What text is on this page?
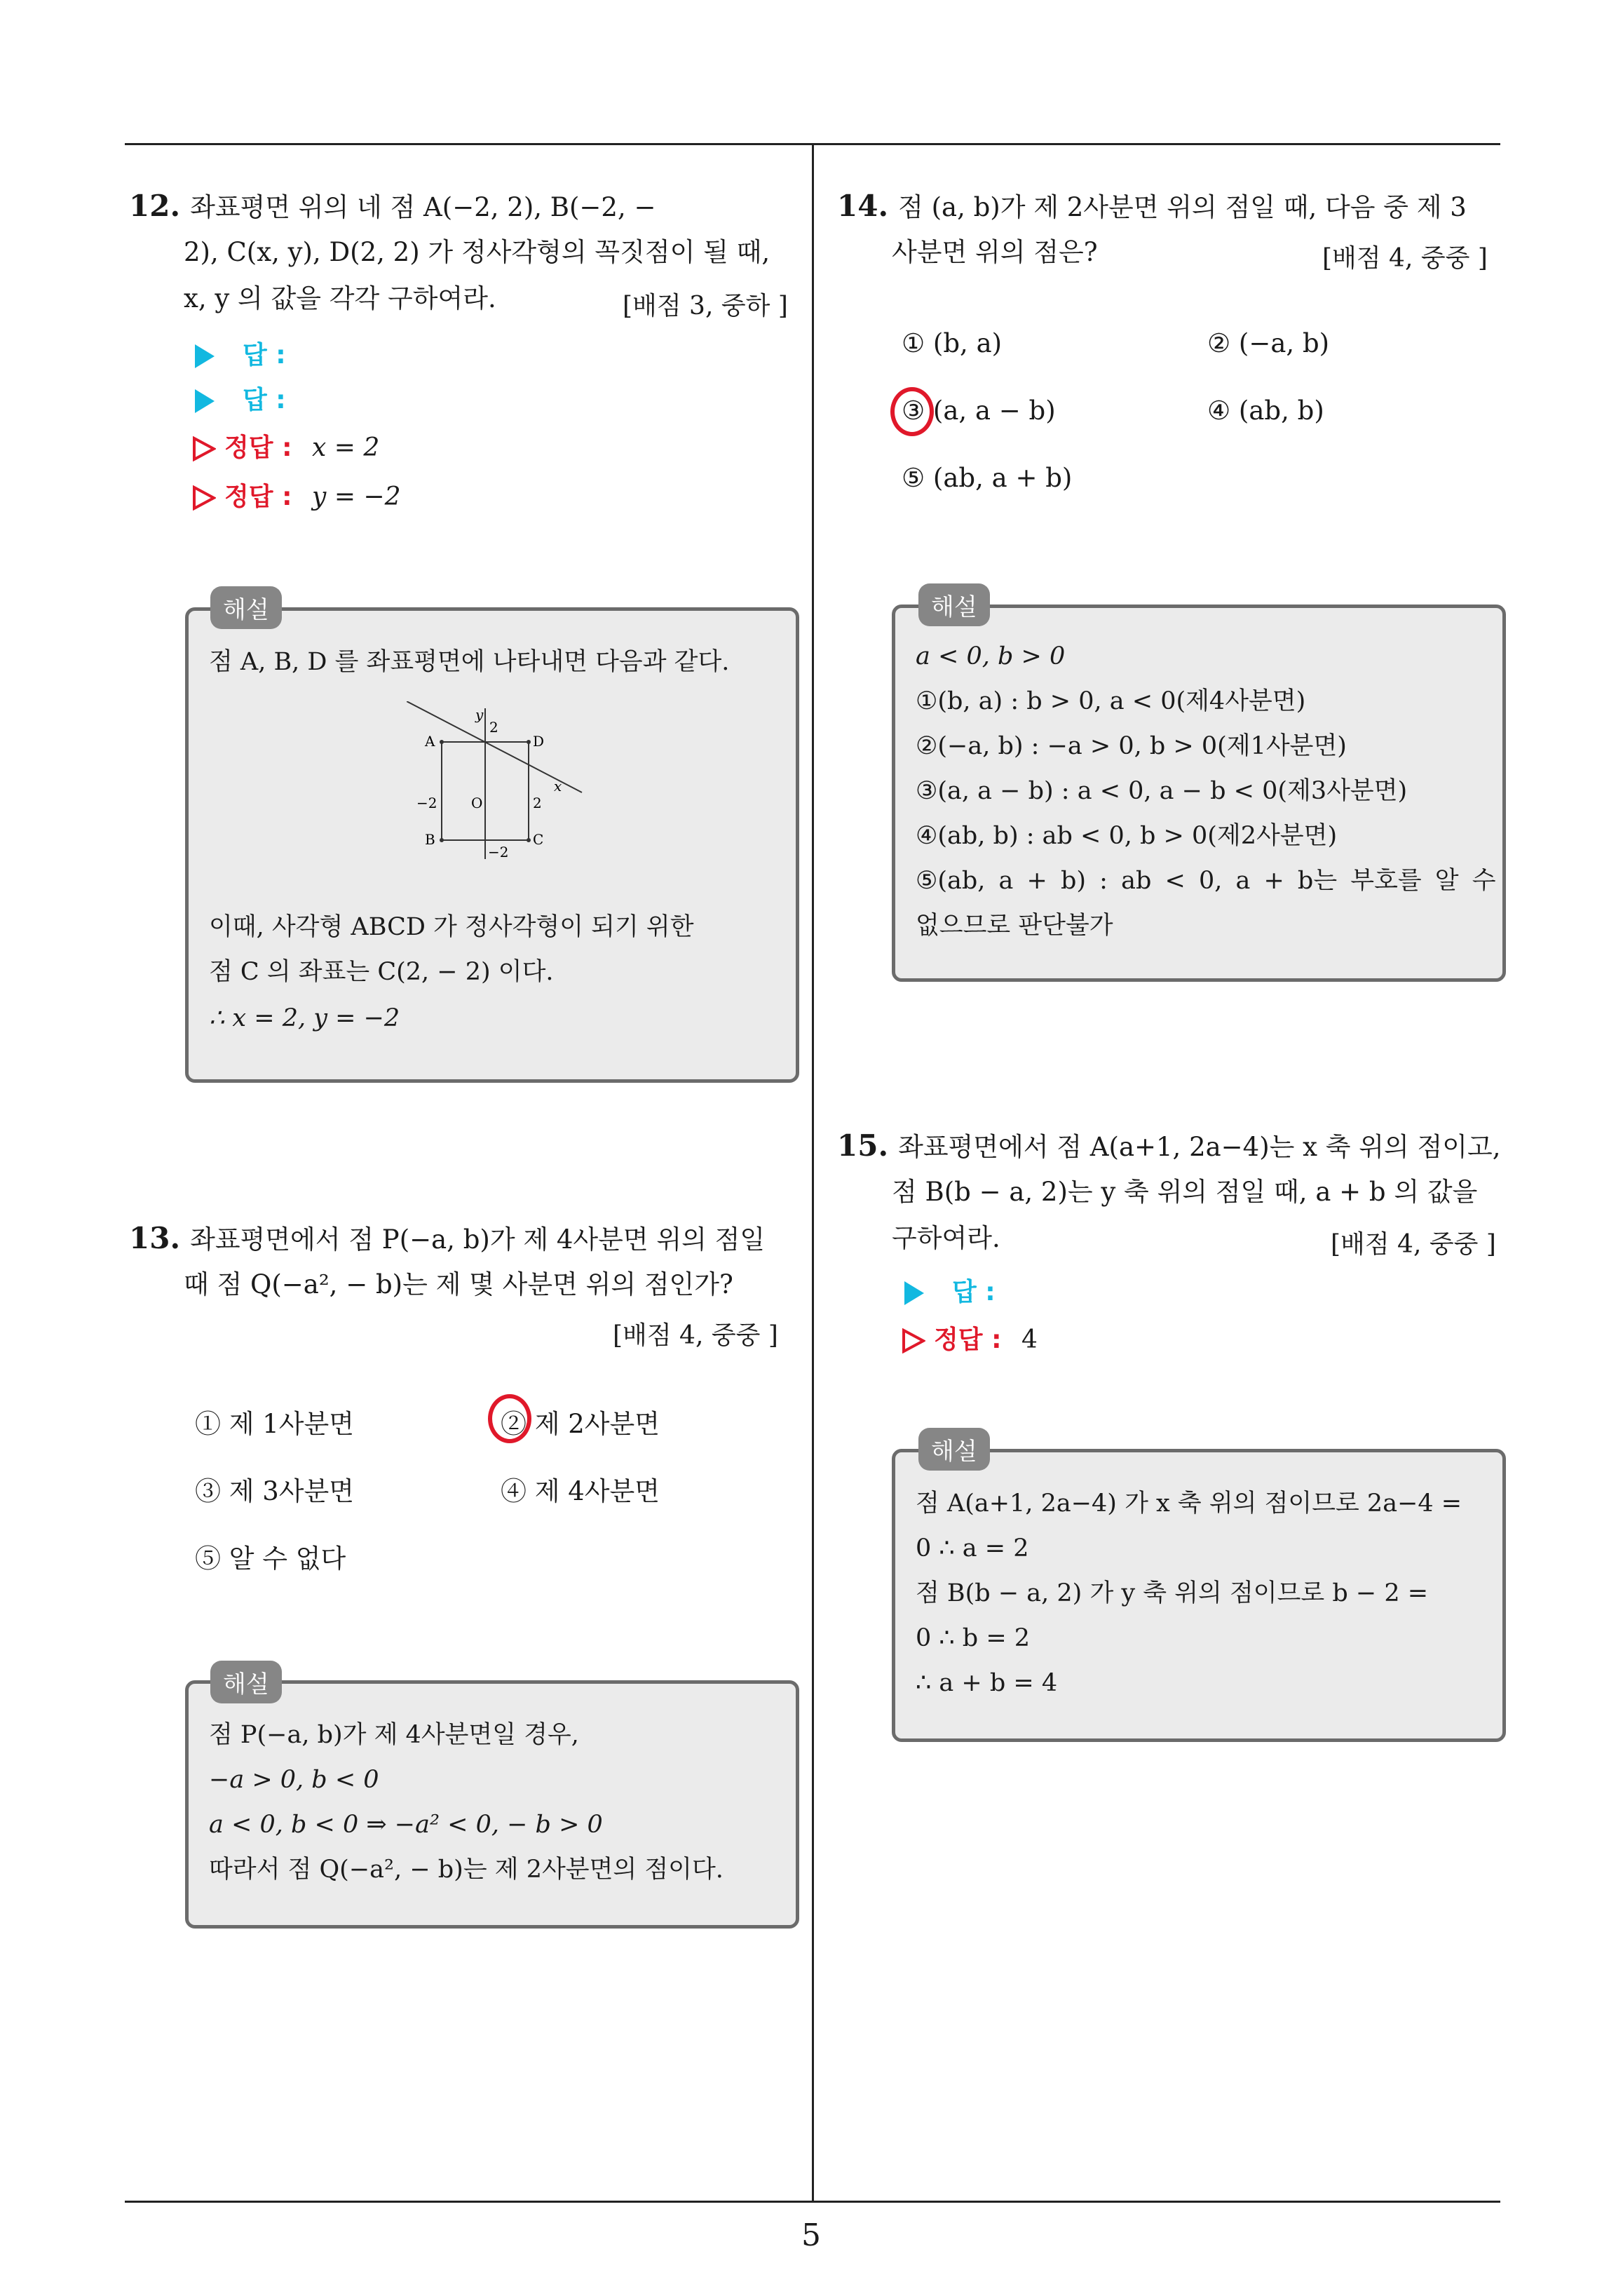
5
12. 좌표평면 위의 네 점 A(−2, 2), B(−2, −
2), C(x, y), D(2, 2) 가 정사각형의 꼭짓점이 될 때,
x, y 의 값을 각각 구하여라.	[배점 3, 중하 ]
답 :
답 :
정답 : x = 2
정답 : y = −2
해설
점 A, B, D 를 좌표평면에 나타내면 다음과 같다.
A	D
B	C
O
y
x
2
−2	2
−2
이때, 사각형 ABCD 가 정사각형이 되기 위한
점 C 의 좌표는 C(2, − 2) 이다.
∴ x = 2, y = −2
13. 좌표평면에서 점 P(−a, b)가 제 4사분면 위의 점일
때 점 Q(−a², − b)는 제 몇 사분면 위의 점인가?
[배점 4, 중중 ]
① 제 1사분면	② 제 2사분면
③ 제 3사분면	④ 제 4사분면
⑤ 알 수 없다
해설
점 P(−a, b)가 제 4사분면일 경우,
−a > 0, b < 0
a < 0, b < 0 ⇒ −a² < 0, − b > 0
따라서 점 Q(−a², − b)는 제 2사분면의 점이다.
14. 점 (a, b)가 제 2사분면 위의 점일 때, 다음 중 제 3
사분면 위의 점은?	[배점 4, 중중 ]
① (b, a)	② (−a, b)
③ (a, a − b)	④ (ab, b)
⑤ (ab, a + b)
해설
a < 0, b > 0
①(b, a) : b > 0, a < 0(제4사분면)
②(−a, b) : −a > 0, b > 0(제1사분면)
③(a, a − b) : a < 0, a − b < 0(제3사분면)
④(ab, b) : ab < 0, b > 0(제2사분면)
⑤(ab, a + b) : ab < 0, a + b는 부호를 알 수
없으므로 판단불가
15. 좌표평면에서 점 A(a+1, 2a−4)는 x 축 위의 점이고,
점 B(b − a, 2)는 y 축 위의 점일 때, a + b 의 값을
구하여라.	[배점 4, 중중 ]
답 :
정답 : 4
해설
점 A(a+1, 2a−4) 가 x 축 위의 점이므로 2a−4 =
0 ∴ a = 2
점 B(b − a, 2) 가 y 축 위의 점이므로 b − 2 =
0 ∴ b = 2
∴ a + b = 4
